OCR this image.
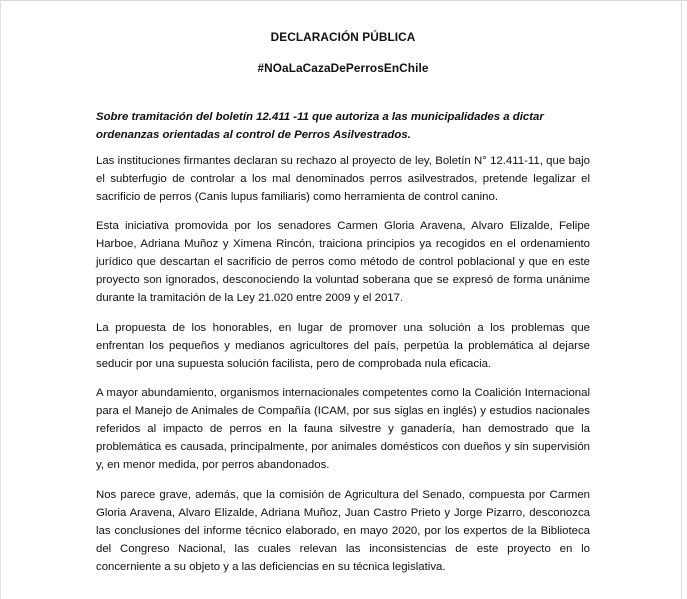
DECLARACIÓN PÚBLICA

#NOaLaCazaDePerrosEnChile

Sobre tramitación del boletín 12.411 -11 que autoriza a las municipalidades a dictar ordenanzas orientadas al control de Perros Asilvestrados.

Las instituciones firmantes declaran su rechazo al proyecto de ley, Boletín N° 12.411-11, que bajo el subterfugio de controlar a los mal denominados perros asilvestrados, pretende legalizar el sacrificio de perros (Canis lupus familiaris) como herramienta de control canino.

Esta iniciativa promovida por los senadores Carmen Gloria Aravena, Alvaro Elizalde, Felipe Harboe, Adriana Muñoz y Ximena Rincón, traiciona principios ya recogidos en el ordenamiento jurídico que descartan el sacrificio de perros como método de control poblacional y que en este proyecto son ignorados, desconociendo la voluntad soberana que se expresó de forma unánime durante la tramitación de la Ley 21.020 entre 2009 y el 2017.

La propuesta de los honorables, en lugar de promover una solución a los problemas que enfrentan los pequeños y medianos agricultores del país, perpetúa la problemática al dejarse seducir por una supuesta solución facilista, pero de comprobada nula eficacia.

A mayor abundamiento, organismos internacionales competentes como la Coalición Internacional para el Manejo de Animales de Compañía (ICAM, por sus siglas en inglés) y estudios nacionales referidos al impacto de perros en la fauna silvestre y ganadería, han demostrado que la problemática es causada, principalmente, por animales domésticos con dueños y sin supervisión y, en menor medida, por perros abandonados.

Nos parece grave, además, que la comisión de Agricultura del Senado, compuesta por Carmen Gloria Aravena, Alvaro Elizalde, Adriana Muñoz, Juan Castro Prieto y Jorge Pizarro, desconozca las conclusiones del informe técnico elaborado, en mayo 2020, por los expertos de la Biblioteca del Congreso Nacional, las cuales relevan las inconsistencias de este proyecto en lo concerniente a su objeto y a las deficiencias en su técnica legislativa.
